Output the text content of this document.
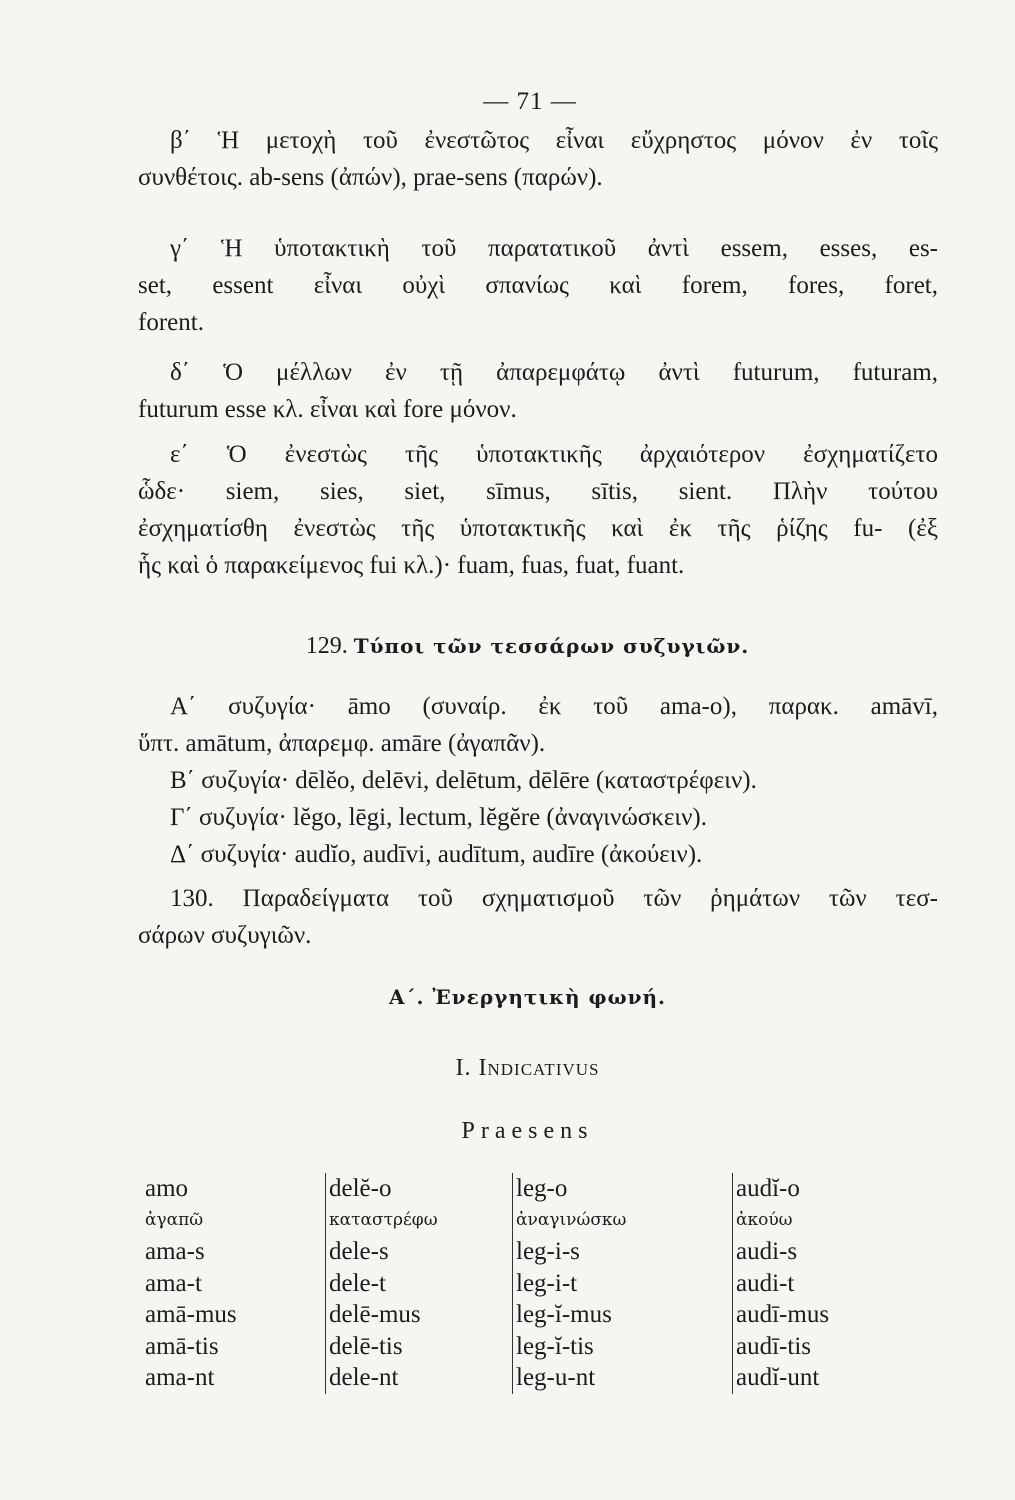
— 71 —
β΄ Ἡ μετοχὴ τοῦ ἐνεστῶτος εἶναι εὔχρηστος μόνον ἐν τοῖς
συνθέτοις. ab-sens (ἀπών), prae-sens (παρών).
γ΄ Ἡ ὑποτακτικὴ τοῦ παρατατικοῦ ἀντὶ essem, esses, es-
set, essent εἶναι οὐχὶ σπανίως καὶ forem, fores, foret,
forent.
δ΄ Ὁ μέλλων ἐν τῇ ἀπαρεμφάτῳ ἀντὶ futurum, futuram,
futurum esse κλ. εἶναι καὶ fore μόνον.
ε΄ Ὁ ἐνεστὼς τῆς ὑποτακτικῆς ἀρχαιότερον ἐσχηματίζετο
ὧδε· siem, sies, siet, sīmus, sītis, sient. Πλὴν τούτου
ἐσχηματίσθη ἐνεστὼς τῆς ὑποτακτικῆς καὶ ἐκ τῆς ῥίζης fu- (ἐξ
ἧς καὶ ὁ παρακείμενος fui κλ.)· fuam, fuas, fuat, fuant.
129. Τύποι τῶν τεσσάρων συζυγιῶν.
Α΄ συζυγία· āmo (συναίρ. ἐκ τοῦ ama-o), παρακ. amāvī,
ὕπτ. amātum, ἀπαρεμφ. amāre (ἀγαπᾶν).
Β΄ συζυγία· dēlĕo, delēvi, delētum, dēlēre (καταστρέφειν).
Γ΄ συζυγία· lĕgo, lēgi, lectum, lĕgĕre (ἀναγινώσκειν).
Δ΄ συζυγία· audĭo, audīvi, audītum, audīre (ἀκούειν).
130. Παραδείγματα τοῦ σχηματισμοῦ τῶν ῥημάτων τῶν τεσ-
σάρων συζυγιῶν.
Α΄. Ἐνεργητικὴ φωνή.
I. Indicativus
Praesens
amo
ἀγαπῶ
ama-s
ama-t
amā-mus
amā-tis
ama-nt
delĕ-o
καταστρέφω
dele-s
dele-t
delē-mus
delē-tis
dele-nt
leg-o
ἀναγινώσκω
leg-i-s
leg-i-t
leg-ĭ-mus
leg-ĭ-tis
leg-u-nt
audĭ-o
ἀκούω
audi-s
audi-t
audī-mus
audī-tis
audĭ-unt
